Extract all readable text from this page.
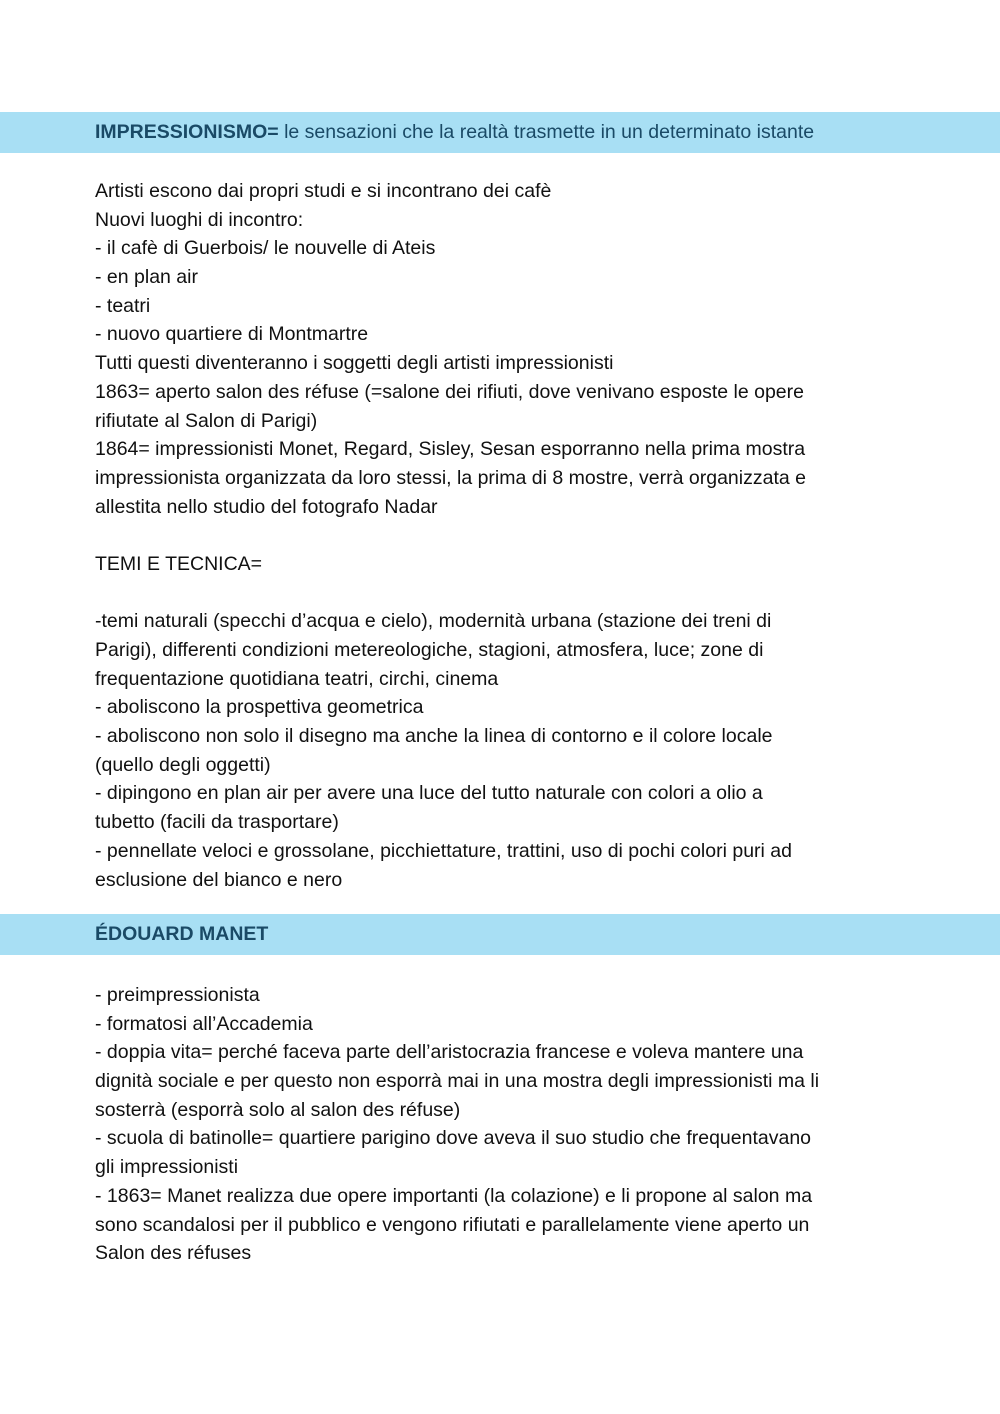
IMPRESSIONISMO= le sensazioni che la realtà trasmette in un determinato istante
Artisti escono dai propri studi e si incontrano dei cafè
Nuovi luoghi di incontro:
- il cafè di Guerbois/ le nouvelle di Ateis
- en plan air
- teatri
- nuovo quartiere di Montmartre
Tutti questi diventeranno i soggetti degli artisti impressionisti
1863= aperto salon des réfuse (=salone dei rifiuti, dove venivano esposte le opere
rifiutate al Salon di Parigi)
1864= impressionisti Monet, Regard, Sisley, Sesan esporranno nella prima mostra
impressionista organizzata da loro stessi, la prima di 8 mostre, verrà organizzata e
allestita nello studio del fotografo Nadar
TEMI E TECNICA=
-temi naturali (specchi d’acqua e cielo), modernità urbana (stazione dei treni di
Parigi), differenti condizioni metereologiche, stagioni, atmosfera, luce; zone di
frequentazione quotidiana teatri, circhi, cinema
- aboliscono la prospettiva geometrica
- aboliscono non solo il disegno ma anche la linea di contorno e il colore locale
(quello degli oggetti)
- dipingono en plan air per avere una luce del tutto naturale con colori a olio a
tubetto (facili da trasportare)
- pennellate veloci e grossolane, picchiettature, trattini, uso di pochi colori puri ad
esclusione del bianco e nero
ÉDOUARD MANET
- preimpressionista
- formatosi all’Accademia
- doppia vita= perché faceva parte dell’aristocrazia francese e voleva mantere una
dignità sociale e per questo non esporrà mai in una mostra degli impressionisti ma li
sosterrà (esporrà solo al salon des réfuse)
- scuola di batinolle= quartiere parigino dove aveva il suo studio che frequentavano
gli impressionisti
- 1863= Manet realizza due opere importanti (la colazione) e li propone al salon ma
sono scandalosi per il pubblico e vengono rifiutati e parallelamente viene aperto un
Salon des réfuses
